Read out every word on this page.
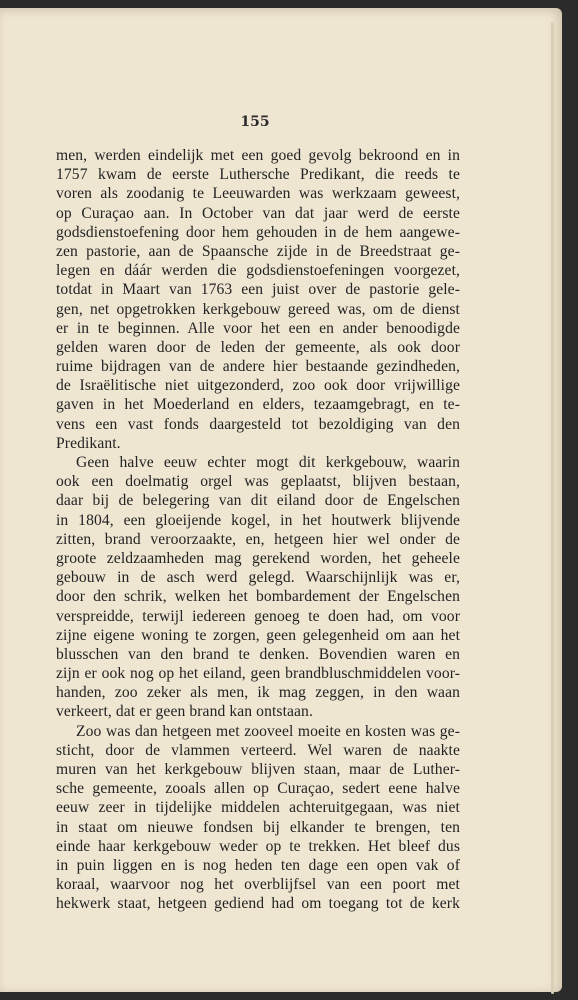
155
men, werden eindelijk met een goed gevolg bekroond en in
1757 kwam de eerste Luthersche Predikant, die reeds te
voren als zoodanig te Leeuwarden was werkzaam geweest,
op Curaçao aan. In October van dat jaar werd de eerste
godsdienstoefening door hem gehouden in de hem aangewe-
zen pastorie, aan de Spaansche zijde in de Breedstraat ge-
legen en dáár werden die godsdienstoefeningen voorgezet,
totdat in Maart van 1763 een juist over de pastorie gele-
gen, net opgetrokken kerkgebouw gereed was, om de dienst
er in te beginnen. Alle voor het een en ander benoodigde
gelden waren door de leden der gemeente, als ook door
ruime bijdragen van de andere hier bestaande gezindheden,
de Israëlitische niet uitgezonderd, zoo ook door vrijwillige
gaven in het Moederland en elders, tezaamgebragt, en te-
vens een vast fonds daargesteld tot bezoldiging van den
Predikant.
Geen halve eeuw echter mogt dit kerkgebouw, waarin
ook een doelmatig orgel was geplaatst, blijven bestaan,
daar bij de belegering van dit eiland door de Engelschen
in 1804, een gloeijende kogel, in het houtwerk blijvende
zitten, brand veroorzaakte, en, hetgeen hier wel onder de
groote zeldzaamheden mag gerekend worden, het geheele
gebouw in de asch werd gelegd. Waarschijnlijk was er,
door den schrik, welken het bombardement der Engelschen
verspreidde, terwijl iedereen genoeg te doen had, om voor
zijne eigene woning te zorgen, geen gelegenheid om aan het
blusschen van den brand te denken. Bovendien waren en
zijn er ook nog op het eiland, geen brandbluschmiddelen voor-
handen, zoo zeker als men, ik mag zeggen, in den waan
verkeert, dat er geen brand kan ontstaan.
Zoo was dan hetgeen met zooveel moeite en kosten was ge-
sticht, door de vlammen verteerd. Wel waren de naakte
muren van het kerkgebouw blijven staan, maar de Luther-
sche gemeente, zooals allen op Curaçao, sedert eene halve
eeuw zeer in tijdelijke middelen achteruitgegaan, was niet
in staat om nieuwe fondsen bij elkander te brengen, ten
einde haar kerkgebouw weder op te trekken. Het bleef dus
in puin liggen en is nog heden ten dage een open vak of
koraal, waarvoor nog het overblijfsel van een poort met
hekwerk staat, hetgeen gediend had om toegang tot de kerk
